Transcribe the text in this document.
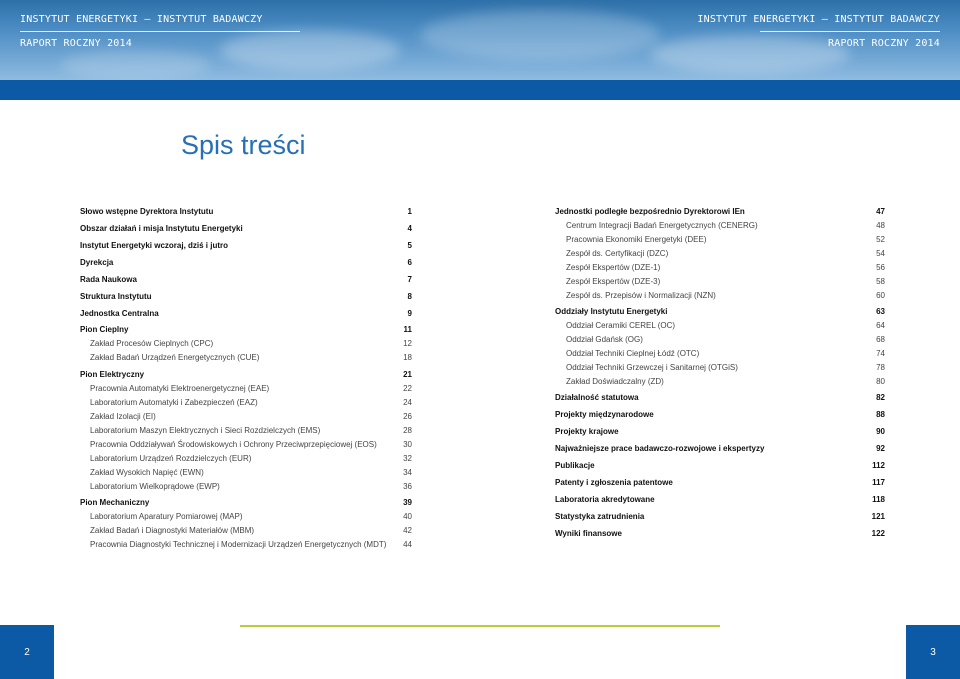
INSTYTUT ENERGETYKI – INSTYTUT BADAWCZY
RAPORT ROCZNY 2014
INSTYTUT ENERGETYKI – INSTYTUT BADAWCZY
RAPORT ROCZNY 2014
Spis treści
Słowo wstępne Dyrektora Instytutu	1
Obszar działań i misja Instytutu Energetyki	4
Instytut Energetyki wczoraj, dziś i jutro	5
Dyrekcja	6
Rada Naukowa	7
Struktura Instytutu	8
Jednostka Centralna	9
Pion Cieplny	11
Zakład Procesów Cieplnych (CPC)	12
Zakład Badań Urządzeń Energetycznych (CUE)	18
Pion Elektryczny	21
Pracownia Automatyki Elektroenergetycznej (EAE)	22
Laboratorium Automatyki i Zabezpieczeń (EAZ)	24
Zakład Izolacji (EI)	26
Laboratorium Maszyn Elektrycznych i Sieci Rozdzielczych (EMS)	28
Pracownia Oddziaływań Środowiskowych i Ochrony Przeciwprzepięciowej (EOS)	30
Laboratorium Urządzeń Rozdzielczych (EUR)	32
Zakład Wysokich Napięć (EWN)	34
Laboratorium Wielkoprądowe (EWP)	36
Pion Mechaniczny	39
Laboratorium Aparatury Pomiarowej (MAP)	40
Zakład Badań i Diagnostyki Materiałów (MBM)	42
Pracownia Diagnostyki Technicznej i Modernizacji Urządzeń Energetycznych (MDT) 44
Jednostki podległe bezpośrednio Dyrektorowi IEn	47
Centrum Integracji Badań Energetycznych (CENERG)	48
Pracownia Ekonomiki Energetyki (DEE)	52
Zespół ds. Certyfikacji (DZC)	54
Zespół Ekspertów (DZE-1)	56
Zespół Ekspertów (DZE-3)	58
Zespół ds. Przepisów i Normalizacji (NZN)	60
Oddziały Instytutu Energetyki	63
Oddział Ceramiki CEREL (OC)	64
Oddział Gdańsk (OG)	68
Oddział Techniki Cieplnej Łódź (OTC)	74
Oddział Techniki Grzewczej i Sanitarnej (OTGiS)	78
Zakład Doświadczalny (ZD)	80
Działalność statutowa	82
Projekty międzynarodowe	88
Projekty krajowe	90
Najważniejsze prace badawczo-rozwojowe i ekspertyzy	92
Publikacje	112
Patenty i zgłoszenia patentowe	117
Laboratoria akredytowane	118
Statystyka zatrudnienia	121
Wyniki finansowe	122
2	3
